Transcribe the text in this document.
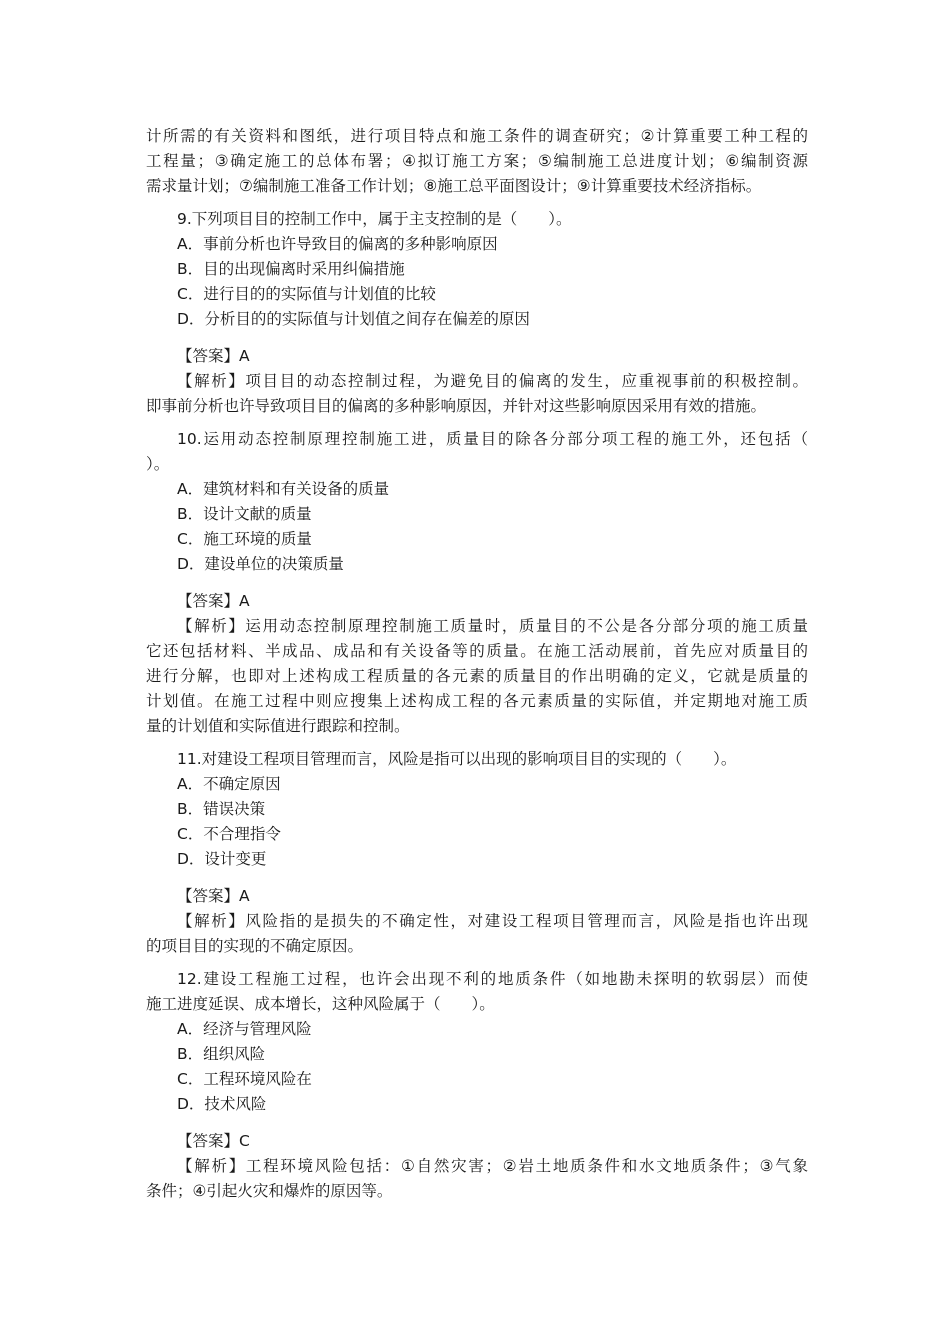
计所需的有关资料和图纸，进行项目特点和施工条件的调查研究；②计算重要工种工程的

工程量；③确定施工的总体布署；④拟订施工方案；⑤编制施工总进度计划；⑥编制资源

需求量计划；⑦编制施工准备工作计划；⑧施工总平面图设计；⑨计算重要技术经济指标。

9.下列项目目的控制工作中，属于主支控制的是（　　）。

A．事前分析也许导致目的偏离的多种影响原因

B．目的出现偏离时采用纠偏措施

C．进行目的的实际值与计划值的比较

D．分析目的的实际值与计划值之间存在偏差的原因

【答案】A

【解析】项目目的动态控制过程，为避免目的偏离的发生，应重视事前的积极控制。

即事前分析也许导致项目目的偏离的多种影响原因，并针对这些影响原因采用有效的措施。

10.运用动态控制原理控制施工进，质量目的除各分部分项工程的施工外，还包括（

）。

A．建筑材料和有关设备的质量

B．设计文献的质量

C．施工环境的质量

D．建设单位的决策质量

【答案】A

【解析】运用动态控制原理控制施工质量时，质量目的不公是各分部分项的施工质量

它还包括材料、半成品、成品和有关设备等的质量。在施工活动展前，首先应对质量目的

进行分解，也即对上述构成工程质量的各元素的质量目的作出明确的定义，它就是质量的

计划值。在施工过程中则应搜集上述构成工程的各元素质量的实际值，并定期地对施工质

量的计划值和实际值进行跟踪和控制。

11.对建设工程项目管理而言，风险是指可以出现的影响项目目的实现的（　　）。

A．不确定原因

B．错误决策

C．不合理指令

D．设计变更

【答案】A

【解析】风险指的是损失的不确定性，对建设工程项目管理而言，风险是指也许出现

的项目目的实现的不确定原因。

12.建设工程施工过程，也许会出现不利的地质条件（如地勘未探明的软弱层）而使

施工进度延误、成本增长，这种风险属于（　　）。

A．经济与管理风险

B．组织风险

C．工程环境风险在

D．技术风险

【答案】C

【解析】工程环境风险包括：①自然灾害；②岩土地质条件和水文地质条件；③气象

条件；④引起火灾和爆炸的原因等。
